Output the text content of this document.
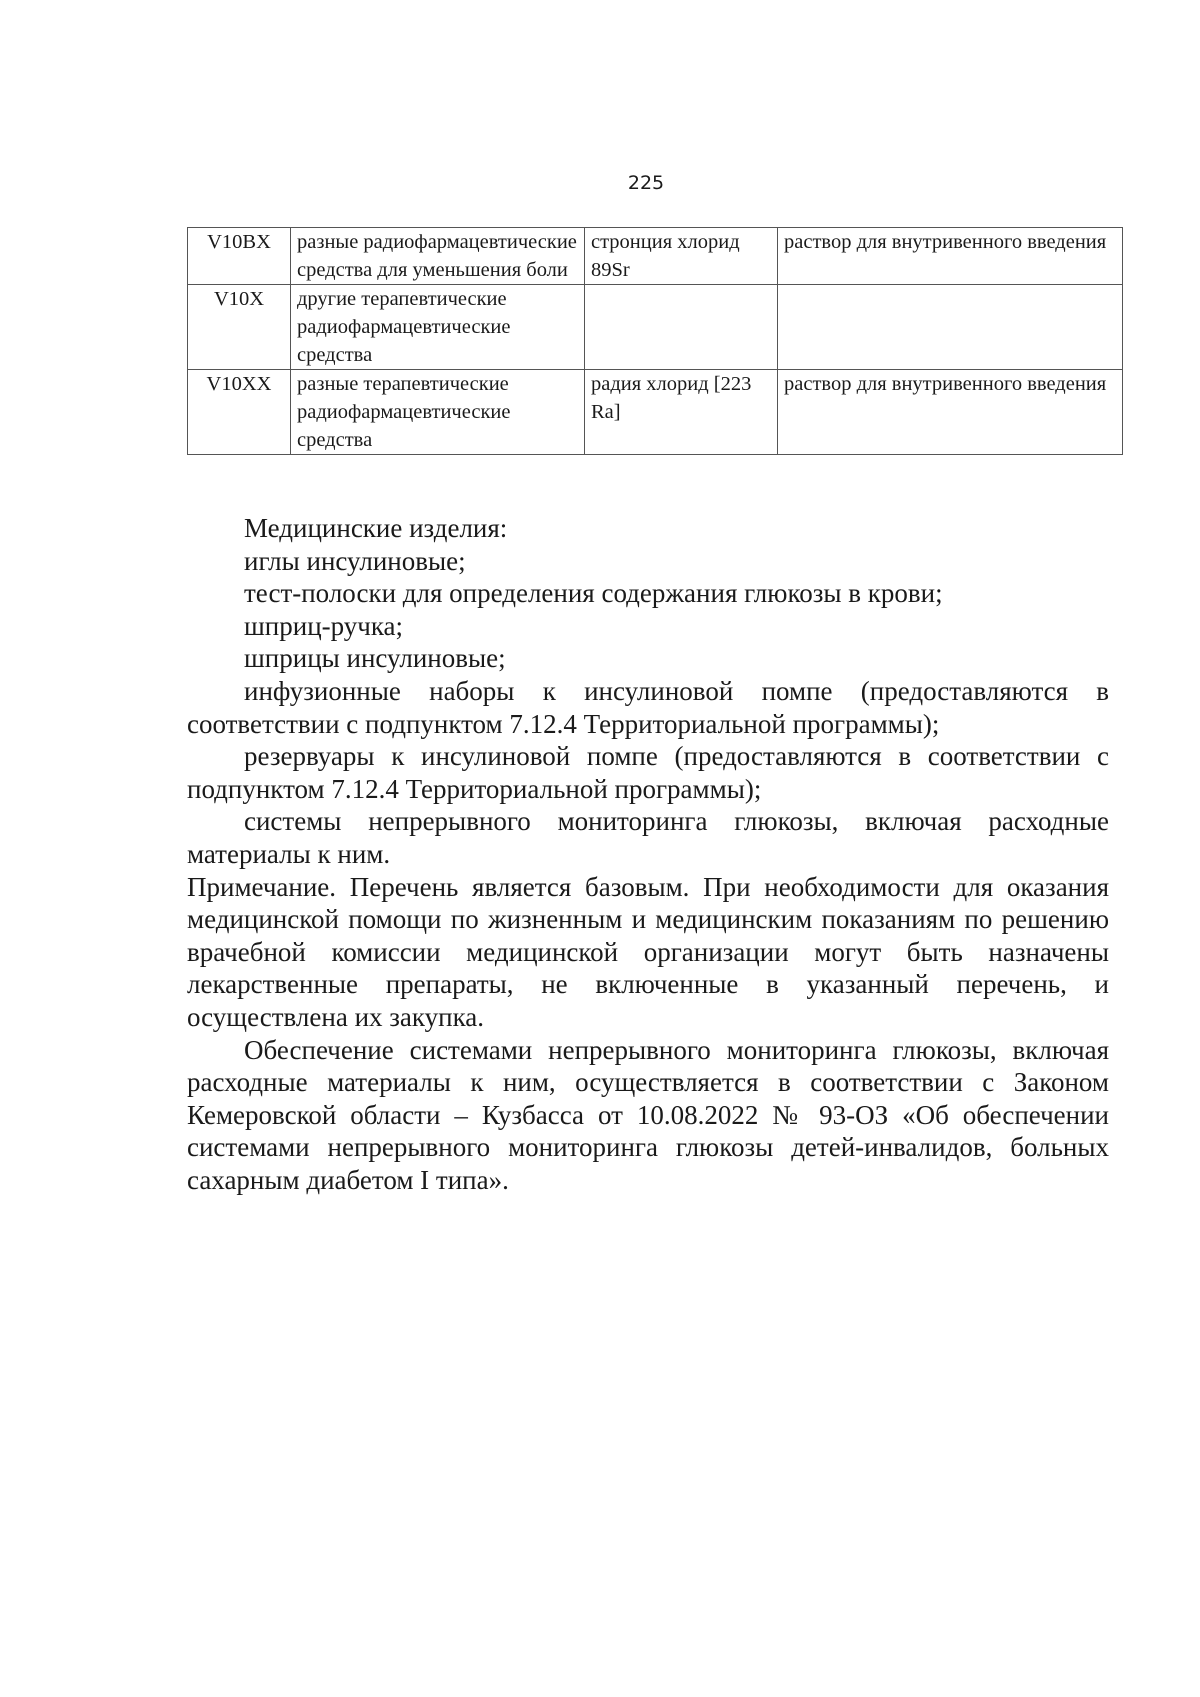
225
V10BX	разные радиофармацевтические средства для уменьшения боли	стронция хлорид 89Sr	раствор для внутривенного введения
V10X	другие терапевтические радиофармацевтические средства		
V10XX	разные терапевтические радиофармацевтические средства	радия хлорид [223 Ra]	раствор для внутривенного введения

Медицинские изделия:

иглы инсулиновые;

тест-полоски для определения содержания глюкозы в крови;

шприц-ручка;

шприцы инсулиновые;

инфузионные наборы к инсулиновой помпе (предоставляются в соответствии с подпунктом 7.12.4 Территориальной программы);

резервуары к инсулиновой помпе (предоставляются в соответствии с подпунктом 7.12.4 Территориальной программы);

системы непрерывного мониторинга глюкозы, включая расходные материалы к ним.

Примечание. Перечень является базовым. При необходимости для оказания медицинской помощи по жизненным и медицинским показаниям по решению врачебной комиссии медицинской организации могут быть назначены лекарственные препараты, не включенные в указанный перечень, и осуществлена их закупка.

Обеспечение системами непрерывного мониторинга глюкозы, включая расходные материалы к ним, осуществляется в соответствии с Законом Кемеровской области – Кузбасса от 10.08.2022 № 93-ОЗ «Об обеспечении системами непрерывного мониторинга глюкозы детей-инвалидов, больных сахарным диабетом I типа».
